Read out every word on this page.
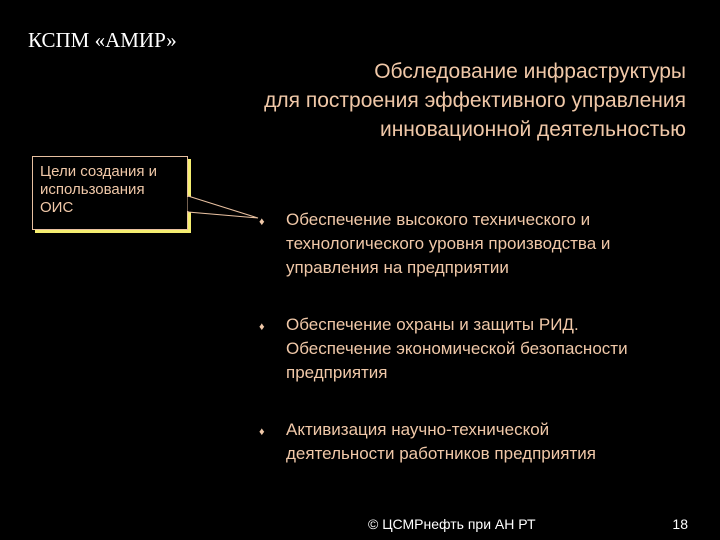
КСПМ «АМИР»
Обследование инфраструктуры
для построения эффективного управления
инновационной деятельностью
Цели создания и
использования
ОИС
♦ Обеспечение высокого технического и
технологического уровня производства и
управления на предприятии
♦ Обеспечение охраны и защиты РИД.
Обеспечение экономической безопасности
предприятия
♦ Активизация научно-технической
деятельности работников предприятия
© ЦСМРнефть при АН РТ	18
